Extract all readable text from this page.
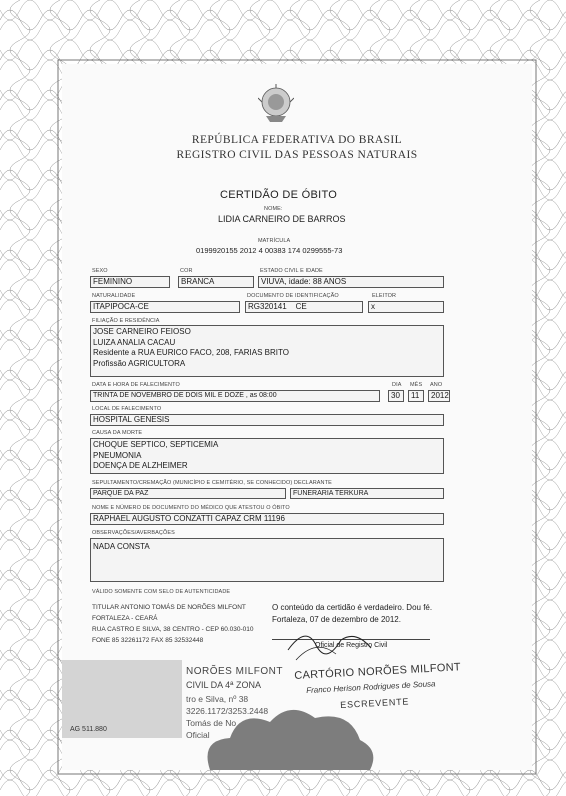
REPÚBLICA FEDERATIVA DO BRASIL
REGISTRO CIVIL DAS PESSOAS NATURAIS
CERTIDÃO DE ÓBITO
NOME:
LIDIA CARNEIRO DE BARROS
MATRÍCULA
0199920155 2012 4 00383 174 0299555-73
SEXO
FEMININO
COR
BRANCA
ESTADO CIVIL E IDADE
VIUVA, idade: 88 ANOS
NATURALIDADE
ITAPIPOCA-CE
DOCUMENTO DE IDENTIFICAÇÃO
RG320141    CE
ELEITOR
x
FILIAÇÃO E RESIDÊNCIA
JOSE CARNEIRO FEIOSO
LUIZA ANALIA CACAU
Residente a RUA EURICO FACO, 208, FARIAS BRITO
Profissão AGRICULTORA
DATA E HORA DE FALECIMENTO
TRINTA DE NOVEMBRO DE DOIS MIL E DOZE , as 08:00
DIA
30
MÊS
11
ANO
2012
LOCAL DE FALECIMENTO
HOSPITAL GENESIS
CAUSA DA MORTE
CHOQUE SEPTICO, SEPTICEMIA
PNEUMONIA
DOENÇA DE ALZHEIMER
SEPULTAMENTO/CREMAÇÃO (MUNICÍPIO E CEMITÉRIO, SE CONHECIDO) DECLARANTE
PARQUE DA PAZ	FUNERARIA TERKURA
NOME E NÚMERO DE DOCUMENTO DO MÉDICO QUE ATESTOU O ÓBITO
RAPHAEL AUGUSTO CONZATTI CAPAZ CRM 11196
OBSERVAÇÕES/AVERBAÇÕES
NADA CONSTA
VÁLIDO SOMENTE COM SELO DE AUTENTICIDADE
TITULAR ANTONIO TOMÁS DE NORÕES MILFONT
FORTALEZA - CEARÁ
RUA CASTRO E SILVA, 38 CENTRO - CEP 60.030-010
FONE 85 32261172 FAX 85 32532448
O conteúdo da certidão é verdadeiro. Dou fé.
Fortaleza, 07 de dezembro de 2012.
Oficial de Registro Civil
AG 511.880
NORÕES MILFONT
CIVIL DA 4ª ZONA
tro e Silva, nº 38
3226.1172/3253.2448
Tomás de No
Oficial
CARTÓRIO NORÕES MILFONT
Franco Herison Rodrigues de Sousa
ESCREVENTE
